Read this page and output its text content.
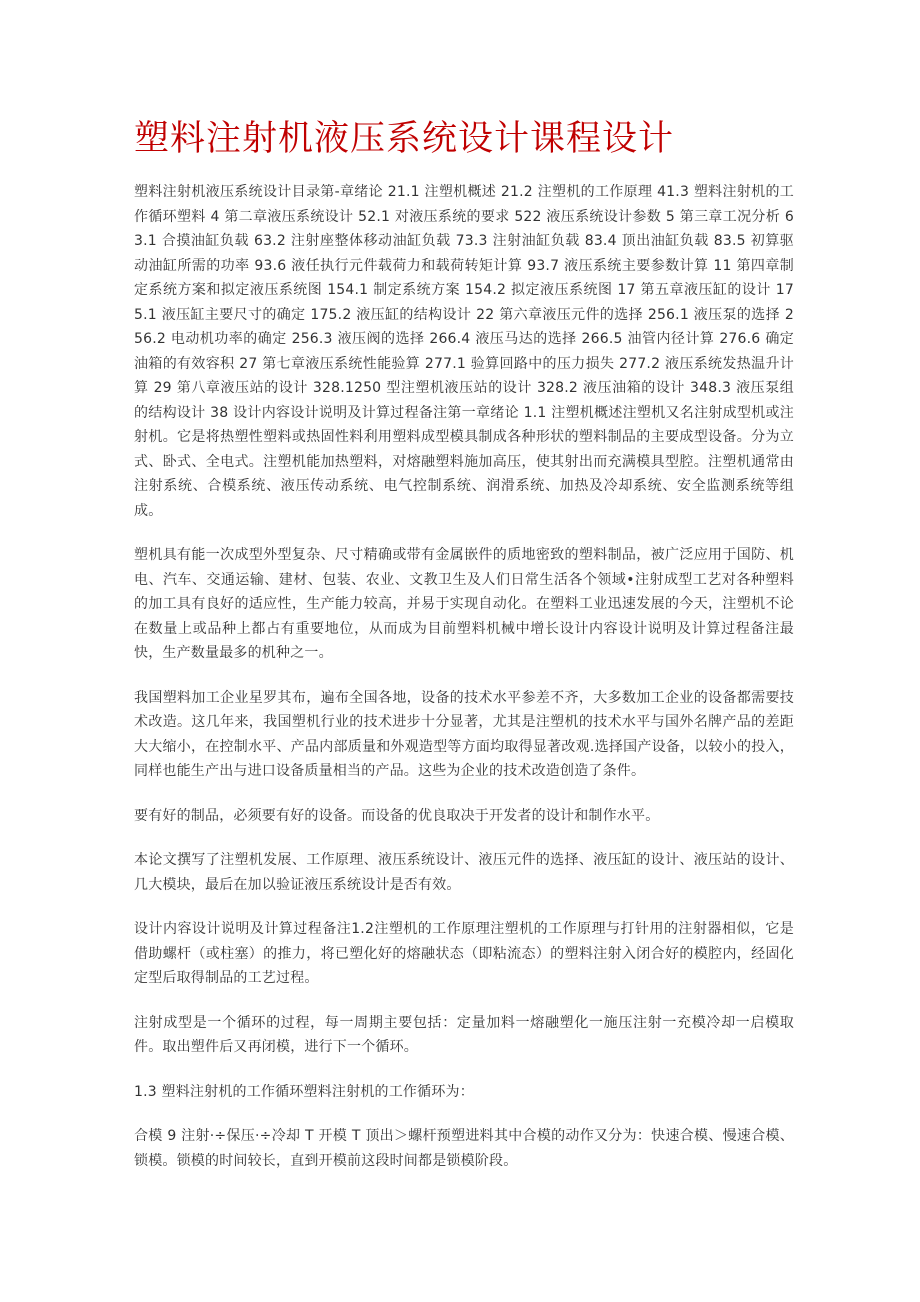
塑料注射机液压系统设计课程设计

塑料注射机液压系统设计目录第-章绪论 21.1 注塑机概述 21.2 注塑机的工作原理 41.3 塑料注射机的工作循环塑料 4 第二章液压系统设计 52.1 对液压系统的要求 522 液压系统设计参数 5 第三章工况分析 63.1 合摸油缸负载 63.2 注射座整体移动油缸负载 73.3 注射油缸负载 83.4 顶出油缸负载 83.5 初算驱动油缸所需的功率 93.6 液任执行元件载荷力和载荷转矩计算 93.7 液压系统主要参数计算 11 第四章制定系统方案和拟定液压系统图 154.1 制定系统方案 154.2 拟定液压系统图 17 第五章液压缸的设计 175.1 液压缸主要尺寸的确定 175.2 液压缸的结构设计 22 第六章液压元件的选择 256.1 液压泵的选择 256.2 电动机功率的确定 256.3 液压阀的选择 266.4 液压马达的选择 266.5 油管内径计算 276.6 确定油箱的有效容积 27 第七章液压系统性能验算 277.1 验算回路中的压力损失 277.2 液压系统发热温升计算 29 第八章液压站的设计 328.1250 型注塑机液压站的设计 328.2 液压油箱的设计 348.3 液压泵组的结构设计 38 设计内容设计说明及计算过程备注第一章绪论 1.1 注塑机概述注塑机又名注射成型机或注射机。它是将热塑性塑料或热固性料利用塑料成型模具制成各种形状的塑料制品的主要成型设备。分为立式、卧式、全电式。注塑机能加热塑料，对熔融塑料施加高压，使其射出而充满模具型腔。注塑机通常由注射系统、合模系统、液压传动系统、电气控制系统、润滑系统、加热及冷却系统、安全监测系统等组成。

塑机具有能一次成型外型复杂、尺寸精确或带有金属嵌件的质地密致的塑料制品，被广泛应用于国防、机电、汽车、交通运输、建材、包装、农业、文教卫生及人们日常生活各个领域•注射成型工艺对各种塑料的加工具有良好的适应性，生产能力较高，并易于实现自动化。在塑料工业迅速发展的今天，注塑机不论在数量上或品种上都占有重要地位，从而成为目前塑料机械中增长设计内容设计说明及计算过程备注最快，生产数量最多的机种之一。

我国塑料加工企业星罗其布，遍布全国各地，设备的技术水平参差不齐，大多数加工企业的设备都需要技术改造。这几年来，我国塑机行业的技术进步十分显著，尤其是注塑机的技术水平与国外名牌产品的差距大大缩小，在控制水平、产品内部质量和外观造型等方面均取得显著改观.选择国产设备，以较小的投入，同样也能生产出与进口设备质量相当的产品。这些为企业的技术改造创造了条件。

要有好的制品，必须要有好的设备。而设备的优良取决于开发者的设计和制作水平。

本论文撰写了注塑机发展、工作原理、液压系统设计、液压元件的选择、液压缸的设计、液压站的设计、几大模块，最后在加以验证液压系统设计是否有效。

设计内容设计说明及计算过程备注1.2注塑机的工作原理注塑机的工作原理与打针用的注射器相似，它是借助螺杆（或柱塞）的推力，将已塑化好的熔融状态（即粘流态）的塑料注射入闭合好的模腔内，经固化定型后取得制品的工艺过程。

注射成型是一个循环的过程，每一周期主要包括：定量加料一熔融塑化一施压注射一充模冷却一启模取件。取出塑件后又再闭模，进行下一个循环。

1.3 塑料注射机的工作循环塑料注射机的工作循环为：

合模 9 注射·÷保压·÷冷却 T 开模 T 顶出＞螺杆预塑进料其中合模的动作又分为：快速合模、慢速合模、锁模。锁模的时间较长，直到开模前这段时间都是锁模阶段。
